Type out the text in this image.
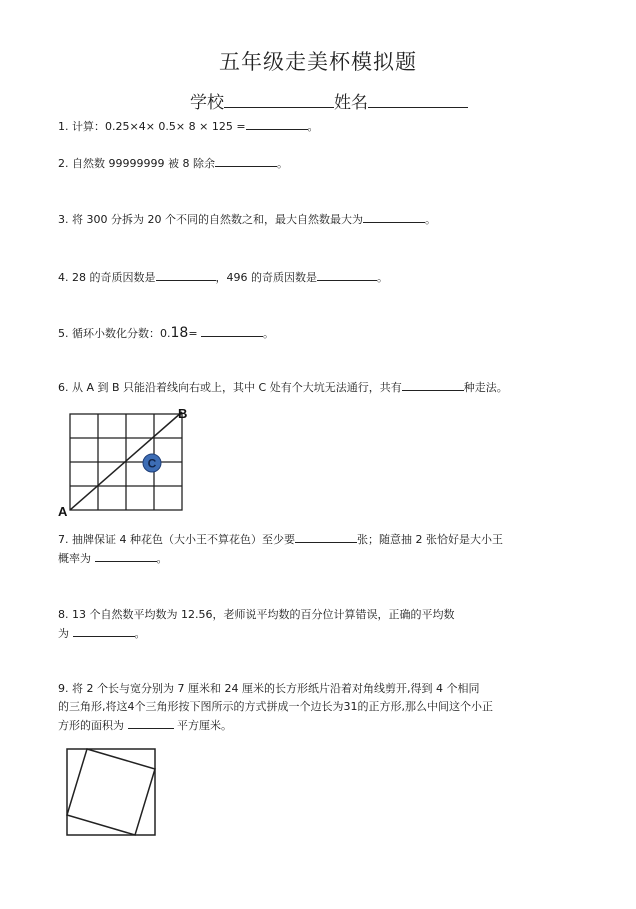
五年级走美杯模拟题
学校	姓名
1. 计算：0.25×4× 0.5× 8 × 125 =	。
2. 自然数 99999999 被 8 除余	。
3. 将 300 分拆为 20 个不同的自然数之和，最大自然数最大为	。
4. 28 的奇质因数是	，496 的奇质因数是	。
5. 循环小数化分数：0.18=	。
6. 从 A 到 B 只能沿着线向右或上，其中 C 处有个大坑无法通行，共有	种走法。
C
A
B
7. 抽牌保证 4 种花色（大小王不算花色）至少要	张；随意抽 2 张恰好是大小王
概率为	。
8. 13 个自然数平均数为 12.56，老师说平均数的百分位计算错误，正确的平均数
为	。
9. 将 2 个长与宽分别为 7 厘米和 24 厘米的长方形纸片沿着对角线剪开,得到 4 个相同
的三角形,将这4个三角形按下图所示的方式拼成一个边长为31的正方形,那么中间这个小正
方形的面积为	平方厘米。
